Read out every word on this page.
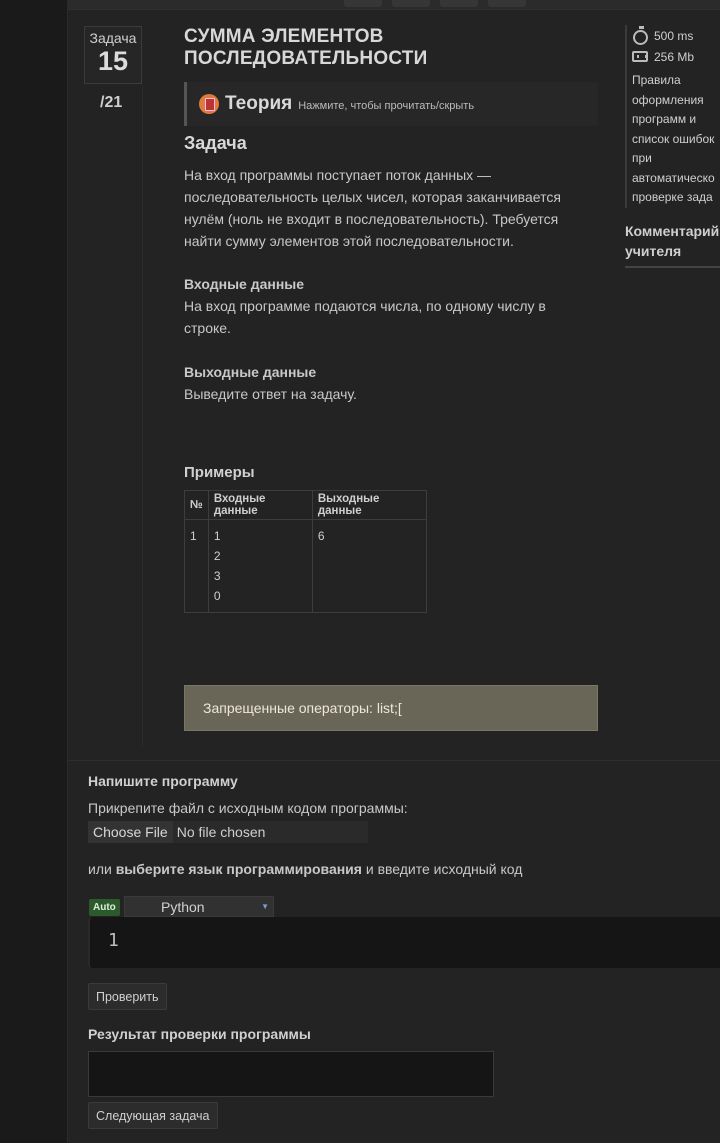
Задача
15
/21
СУММА ЭЛЕМЕНТОВ
ПОСЛЕДОВАТЕЛЬНОСТИ
Теория Нажмите, чтобы прочитать/скрыть
Задача
На вход программы поступает поток данных —
последовательность целых чисел, которая заканчивается
нулём (ноль не входит в последовательность). Требуется
найти сумму элементов этой последовательности.
Входные данные
На вход программе подаются числа, по одному числу в
строке.
Выходные данные
Выведите ответ на задачу.
Примеры
№	Входные данные	Выходные данные
1	1
2
3
0	6
Запрещенные операторы: list;[
500 ms
256 Mb
Правила
оформления
программ и
список ошибок
при
автоматическо
проверке зада
Комментарий
учителя
Напишите программу
Прикрепите файл с исходным кодом программы:
Choose File No file chosen
или выберите язык программирования и введите исходный код
Auto	Python	▼
1
Проверить
Результат проверки программы
Следующая задача
